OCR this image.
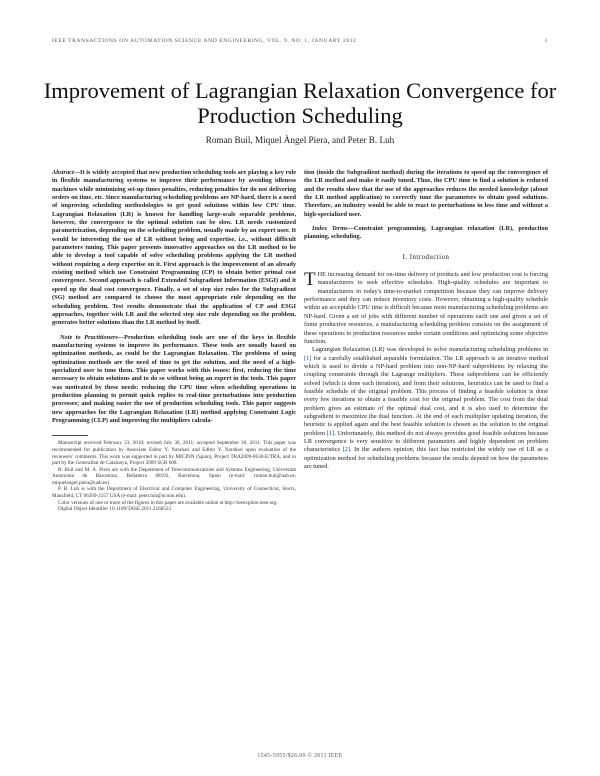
IEEE TRANSACTIONS ON AUTOMATION SCIENCE AND ENGINEERING, VOL. 9, NO. 1, JANUARY 2012	1
Improvement of Lagrangian Relaxation Convergence for Production Scheduling
Roman Buil, Miquel Àngel Piera, and Peter B. Luh

Abstract—It is widely accepted that new production scheduling tools are playing a key role in flexible manufacturing systems to improve their performance by avoiding idleness machines while minimizing set-up times penalties, reducing penalties for do not delivering orders on time, etc. Since manufacturing scheduling problems are NP-hard, there is a need of improving scheduling methodologies to get good solutions within low CPU time. Lagrangian Relaxation (LR) is known for handling large-scale separable problems, however, the convergence to the optimal solution can be slow. LR needs customized parametrization, depending on the scheduling problem, usually made by an expert user. It would be interesting the use of LR without being and expertise, i.e., without difficult parameters tuning. This paper presents innovative approaches on the LR method to be able to develop a tool capable of solve scheduling problems applying the LR method without requiring a deep expertise on it. First approach is the improvement of an already existing method which use Constraint Programming (CP) to obtain better primal cost convergence. Second approach is called Extended Subgradient Information (ESGI) and it speed up the dual cost convergence. Finally, a set of step size rules for the Subgradient (SG) method are compared to choose the most appropriate rule depending on the scheduling problem. Test results demonstrate that the application of CP and ESGI approaches, together with LR and the selected step size rule depending on the problem, generates better solutions than the LR method by itself.

Note to Practitioners—Production scheduling tools are one of the keys in flexible manufacturing systems to improve its performance. These tools are usually based on optimization methods, as could be the Lagrangian Relaxation. The problems of using optimization methods are the need of time to get the solution, and the need of a high-specialized user to tune them. This paper works with this issues: first, reducing the time necessary to obtain solutions and to do so without being an expert in the tools. This paper was motivated by these needs: reducing the CPU time when scheduling operations in production planning to permit quick replies to real-time perturbations into production processes; and making easier the use of production scheduling tools. This paper suggests new approaches for the Lagrangian Relaxation (LR) method applying Constraint Logic Programming (CLP) and improving the multipliers calcula-

Manuscript received February 23, 2010; revised July 30, 2011; accepted September 30, 2011. This paper was recommended for publication by Associate Editor Y. Narahari and Editor Y. Narahari upon evaluation of the reviewers' comments. This work was supported in part by MICINN (Spain), Project TRA2009-0630-E/TRA, and in part by the Generalitat de Catalunya, Project 2009 SGR 608.

R. Buil and M. À. Piera are with the Department of Telecommunications and Systems Engineering, Universitat Autònoma de Barcelona, Bellaterra 08193, Barcelona, Spain (e-mail: roman.buil@uab.es; miquelangel.piera@uab.es).

P. B. Luh is with the Department of Electrical and Computer Engineering, University of Connecticut, Storrs, Mansfield, CT 06269-2157 USA (e-mail: peter.luh@uconn.edu).

Color versions of one or more of the figures in this paper are available online at http://ieeexplore.ieee.org.

Digital Object Identifier 10.1109/TASE.2011.2168523

tion (inside the Subgradient method) during the iterations to speed up the convergence of the LR method and make it easily tuned. Thus, the CPU time to find a solution is reduced and the results show that the use of the approaches reduces the needed knowledge (about the LR method application) to correctly tune the parameters to obtain good solutions. Therefore, an industry would be able to react to perturbations in less time and without a high-specialized user.

Index Terms—Constraint programming, Lagrangian relaxation (LR), production planning, scheduling.

I. Introduction

THE increasing demand for on-time delivery of products and low production cost is forcing manufacturers to seek effective schedules. High-quality schedules are important to manufacturers in today's time-to-market competition because they can improve delivery performance and they can reduce inventory costs. However, obtaining a high-quality schedule within an acceptable CPU time is difficult because most manufacturing scheduling problems are NP-hard. Given a set of jobs with different number of operations each one and given a set of finite productive resources, a manufacturing scheduling problem consists on the assignment of these operations to production resources under certain conditions and optimizing some objective function.

Lagrangian Relaxation (LR) was developed to solve manufacturing scheduling problems in [1] for a carefully established separable formulation. The LR approach is an iterative method which is used to divide a NP-hard problem into non-NP-hard subproblems by relaxing the coupling constraints through the Lagrange multipliers. These subproblems can be efficiently solved (which is done each iteration), and from their solutions, heuristics can be used to find a feasible schedule of the original problem. This process of finding a feasible solution is done every few iterations to obtain a feasible cost for the original problem. The cost from the dual problem gives an estimate of the optimal dual cost, and it is also used to determine the subgradient to maximize the dual function. At the end of each multiplier updating iteration, the heuristic is applied again and the best feasible solution is chosen as the solution to the original problem [1]. Unfortunately, this method do not always provides good feasible solutions because LR convergence is very sensitive to different parameters and highly dependent on problem characteristics [2]. In the authors opinion, this fact has restricted the widely use of LR as a optimization method for scheduling problems because the results depend on how the parameters are tuned.

1545-5955/$26.00 © 2011 IEEE
